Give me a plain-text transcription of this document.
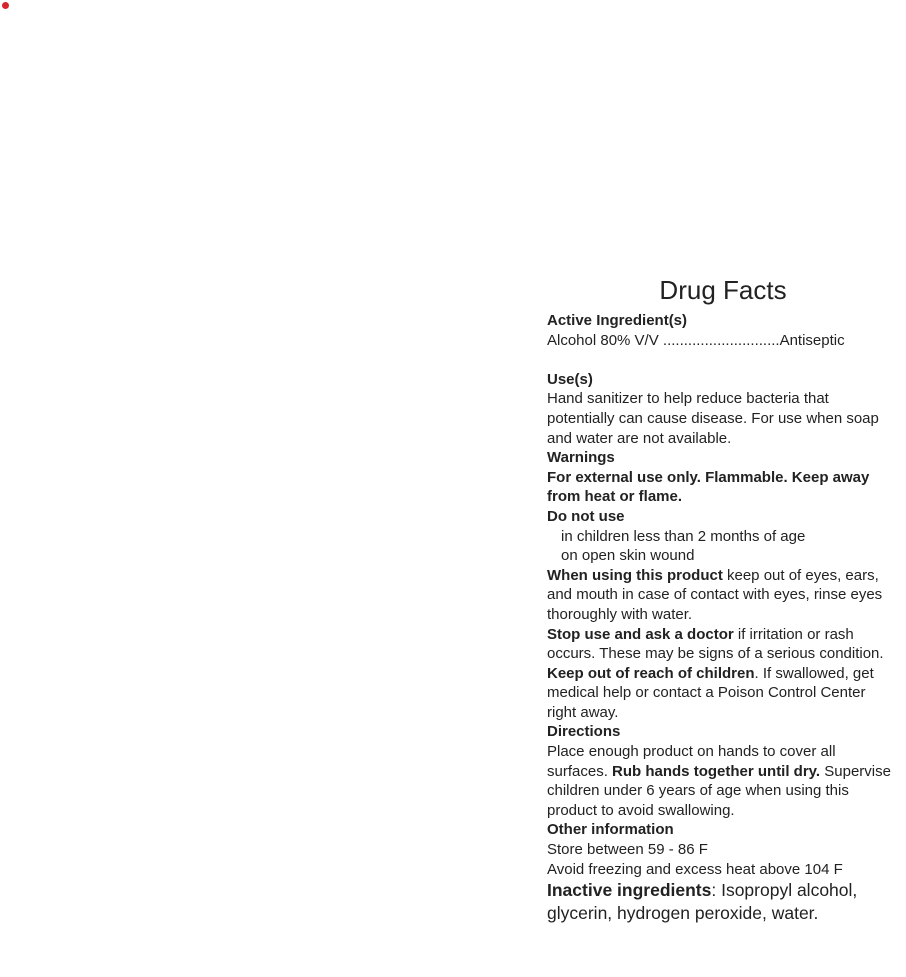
Drug Facts

Active Ingredient(s)

Alcohol 80% V/V ............................Antiseptic

Use(s)

Hand sanitizer to help reduce bacteria that potentially can cause disease. For use when soap and water are not available.

Warnings

For external use only. Flammable. Keep away from heat or flame.

Do not use

in children less than 2 months of age

on open skin wound

When using this product keep out of eyes, ears, and mouth in case of contact with eyes, rinse eyes thoroughly with water.

Stop use and ask a doctor if irritation or rash occurs. These may be signs of a serious condition.

Keep out of reach of children. If swallowed, get medical help or contact a Poison Control Center right away.

Directions

Place enough product on hands to cover all surfaces. Rub hands together until dry. Supervise children under 6 years of age when using this product to avoid swallowing.

Other information

Store between 59 - 86 F

Avoid freezing and excess heat above 104 F

Inactive ingredients: Isopropyl alcohol, glycerin, hydrogen peroxide, water.
